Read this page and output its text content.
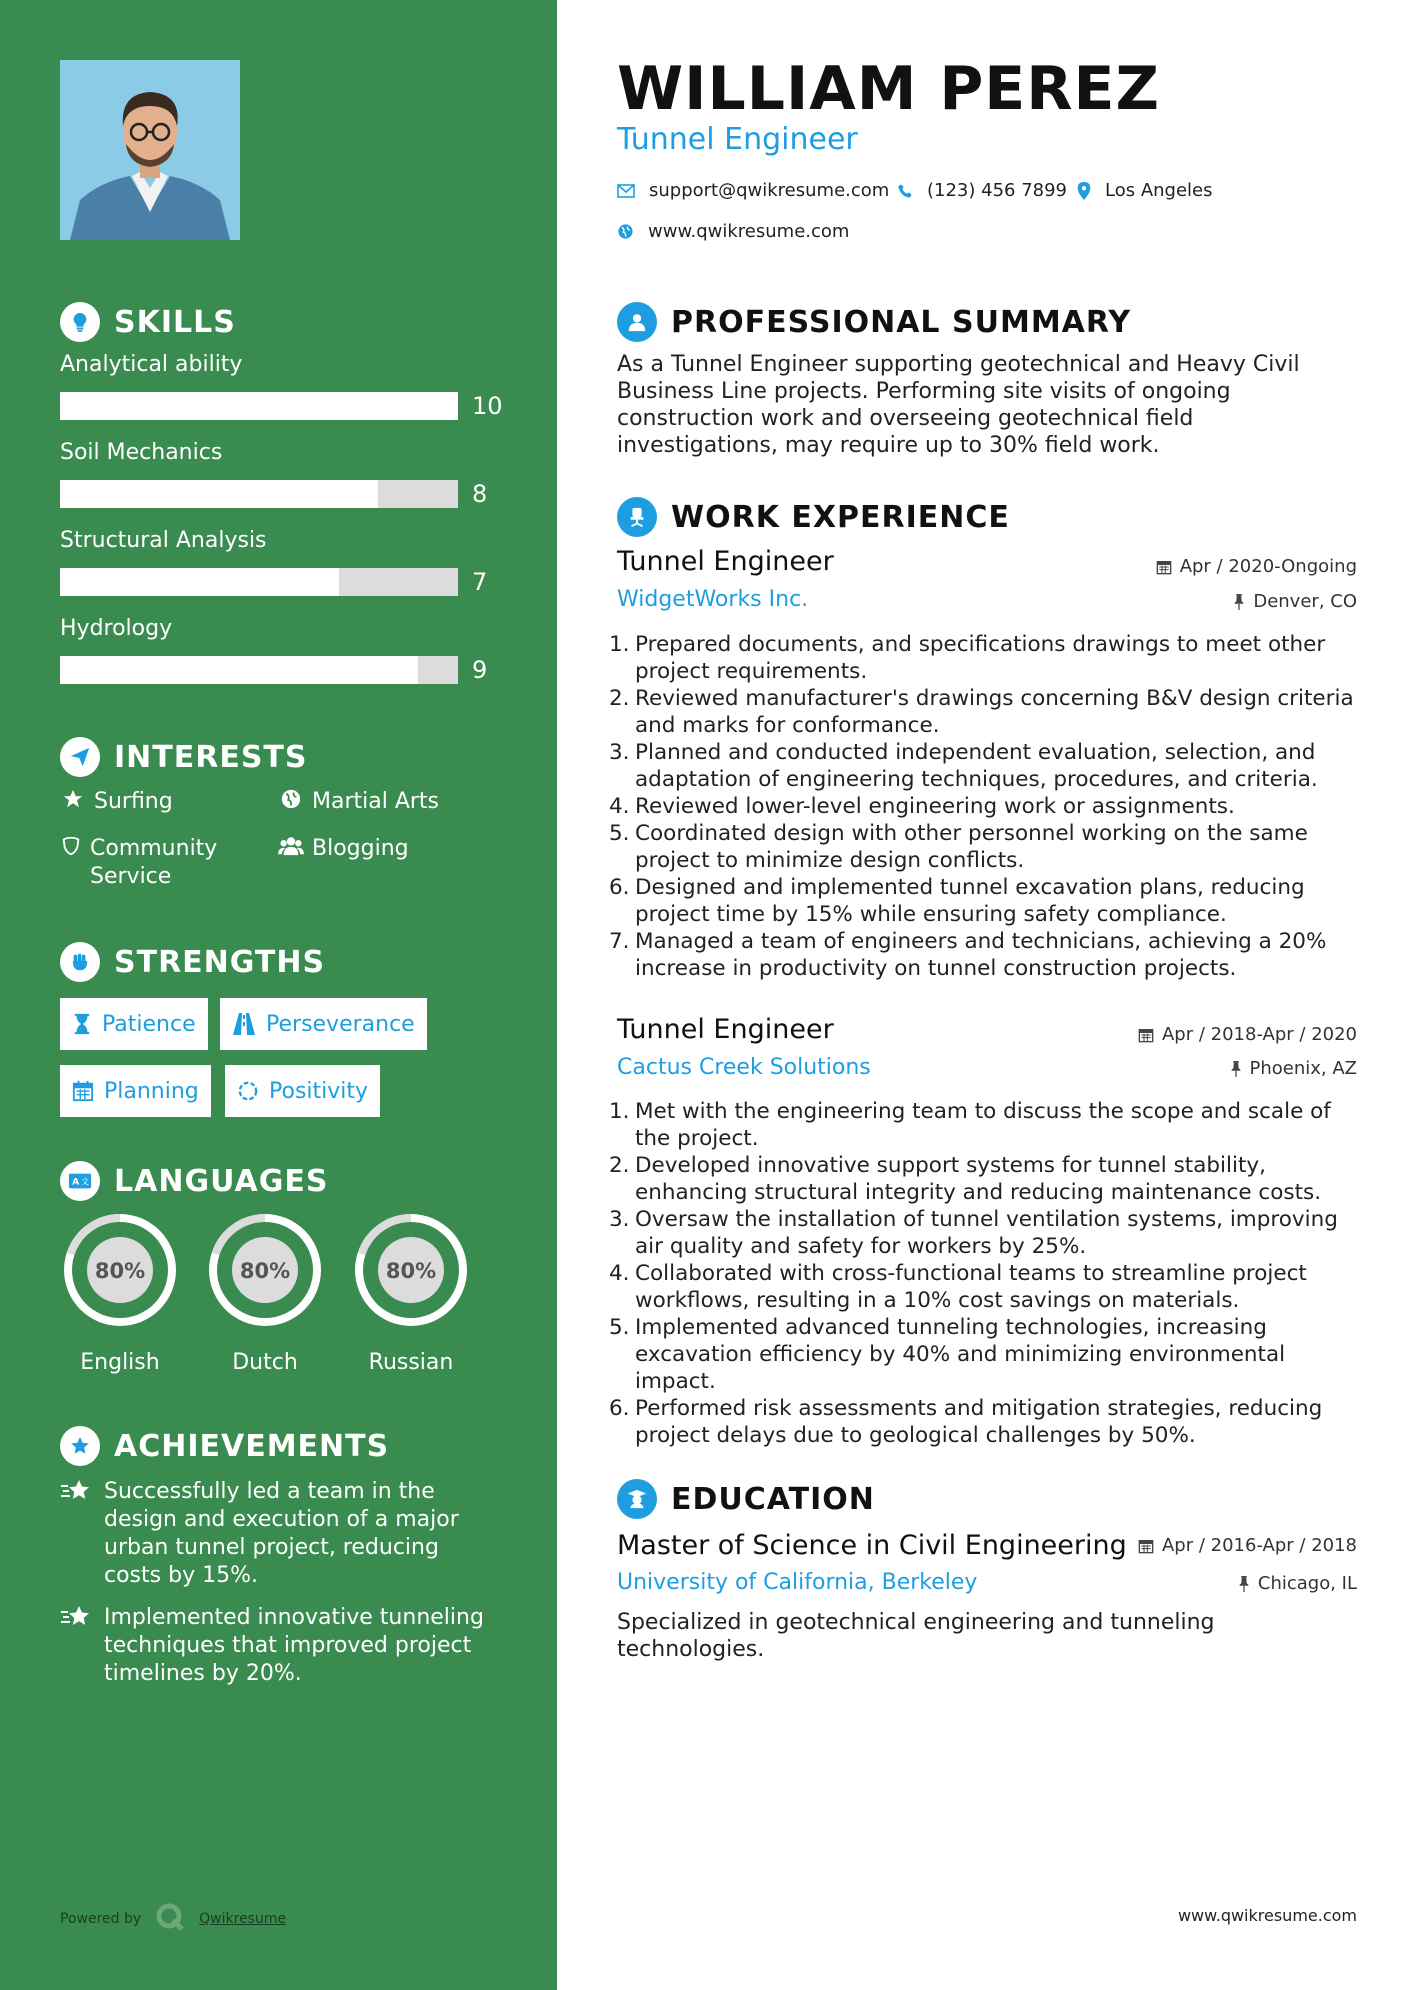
SKILLS
Analytical ability
10
Soil Mechanics
8
Structural Analysis
7
Hydrology
9
INTERESTS
Surfing	Martial Arts
Community Service
Blogging
STRENGTHS
Patience	Perseverance
Planning	Positivity
A 文 LANGUAGES
80%
English
80%
Dutch
80%
Russian
ACHIEVEMENTS
Successfully led a team in the design and execution of a major urban tunnel project, reducing costs by 15%.
Implemented innovative tunneling techniques that improved project timelines by 20%.
Powered by	Qwikresume
WILLIAM PEREZ
Tunnel Engineer
support@qwikresume.com (123) 456 7899 Los Angeles
www.qwikresume.com
PROFESSIONAL SUMMARY

As a Tunnel Engineer supporting geotechnical and Heavy Civil Business Line projects. Performing site visits of ongoing construction work and overseeing geotechnical field investigations, may require up to 30% field work.

WORK EXPERIENCE
Tunnel Engineer	Apr / 2020-Ongoing
WidgetWorks Inc.	Denver, CO
1. Prepared documents, and specifications drawings to meet other project requirements.
2. Reviewed manufacturer's drawings concerning B&V design criteria and marks for conformance.
3. Planned and conducted independent evaluation, selection, and adaptation of engineering techniques, procedures, and criteria.
4. Reviewed lower-level engineering work or assignments.
5. Coordinated design with other personnel working on the same project to minimize design conflicts.
6. Designed and implemented tunnel excavation plans, reducing project time by 15% while ensuring safety compliance.
7. Managed a team of engineers and technicians, achieving a 20% increase in productivity on tunnel construction projects.
Tunnel Engineer	Apr / 2018-Apr / 2020
Cactus Creek Solutions	Phoenix, AZ
1. Met with the engineering team to discuss the scope and scale of the project.
2. Developed innovative support systems for tunnel stability, enhancing structural integrity and reducing maintenance costs.
3. Oversaw the installation of tunnel ventilation systems, improving air quality and safety for workers by 25%.
4. Collaborated with cross-functional teams to streamline project workflows, resulting in a 10% cost savings on materials.
5. Implemented advanced tunneling technologies, increasing excavation efficiency by 40% and minimizing environmental impact.
6. Performed risk assessments and mitigation strategies, reducing project delays due to geological challenges by 50%.
EDUCATION
Master of Science in Civil Engineering Apr / 2016-Apr / 2018
University of California, Berkeley	Chicago, IL

Specialized in geotechnical engineering and tunneling technologies.

www.qwikresume.com
